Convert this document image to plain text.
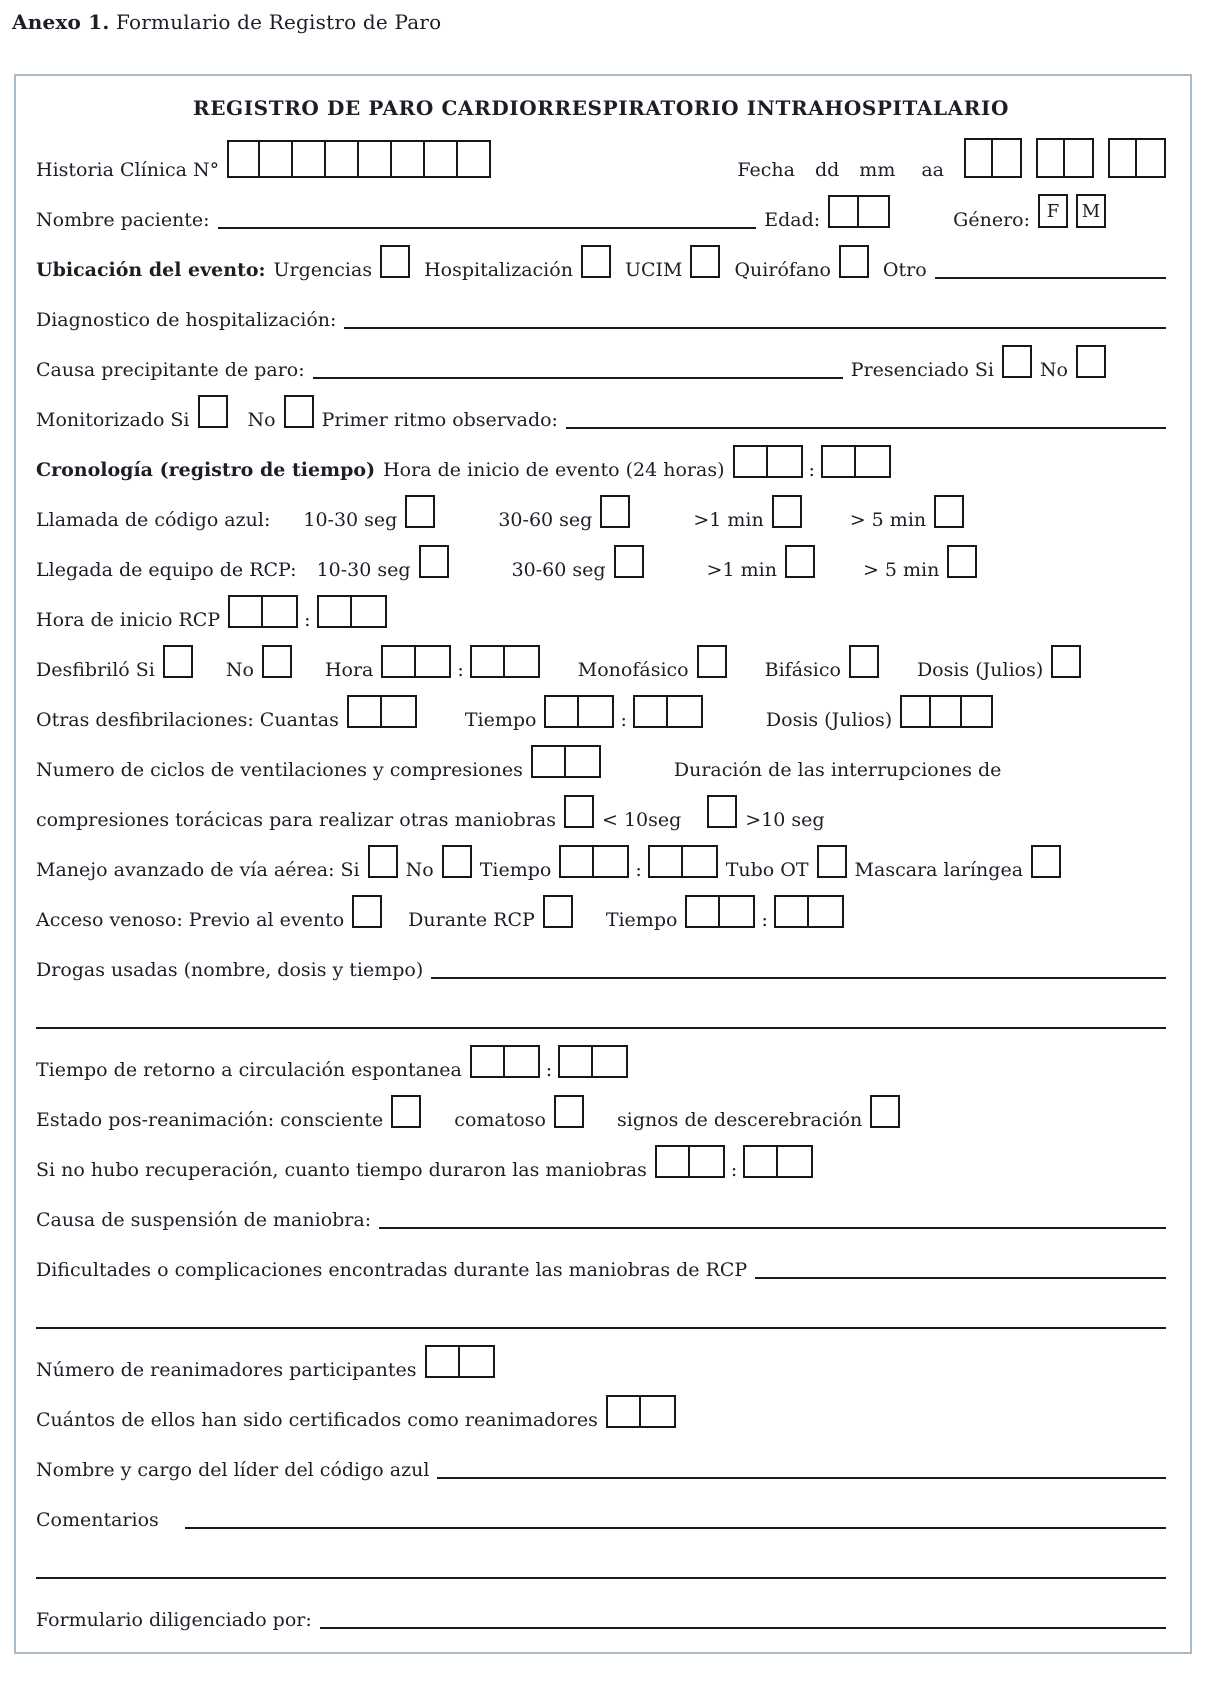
Anexo 1. Formulario de Registro de Paro
REGISTRO DE PARO CARDIORRESPIRATORIO INTRAHOSPITALARIO
Historia Clínica N°	Fecha dd mm aa
Nombre paciente:	Edad:	Género: F	M
Ubicación del evento: Urgencias	Hospitalización	UCIM	Quirófano	Otro
Diagnostico de hospitalización:
Causa precipitante de paro:	Presenciado Si No
Monitorizado Si	No Primer ritmo observado:
Cronología (registro de tiempo) Hora de inicio de evento (24 horas)	:
Llamada de código azul: 10-30 seg	30-60 seg	>1 min	> 5 min
Llegada de equipo de RCP: 10-30 seg	30-60 seg	>1 min	> 5 min
Hora de inicio RCP	:
Desfibriló Si	No	Hora	:	Monofásico	Bifásico	Dosis (Julios)
Otras desfibrilaciones: Cuantas	Tiempo	:	Dosis (Julios)
Numero de ciclos de ventilaciones y compresiones	Duración de las interrupciones de
compresiones torácicas para realizar otras maniobras < 10seg	>10 seg
Manejo avanzado de vía aérea: Si No Tiempo	:	Tubo OT Mascara laríngea
Acceso venoso: Previo al evento	Durante RCP	Tiempo	:
Drogas usadas (nombre, dosis y tiempo)
Tiempo de retorno a circulación espontanea	:
Estado pos-reanimación: consciente	comatoso	signos de descerebración
Si no hubo recuperación, cuanto tiempo duraron las maniobras	:
Causa de suspensión de maniobra:
Dificultades o complicaciones encontradas durante las maniobras de RCP
Número de reanimadores participantes
Cuántos de ellos han sido certificados como reanimadores
Nombre y cargo del líder del código azul
Comentarios
Formulario diligenciado por:
